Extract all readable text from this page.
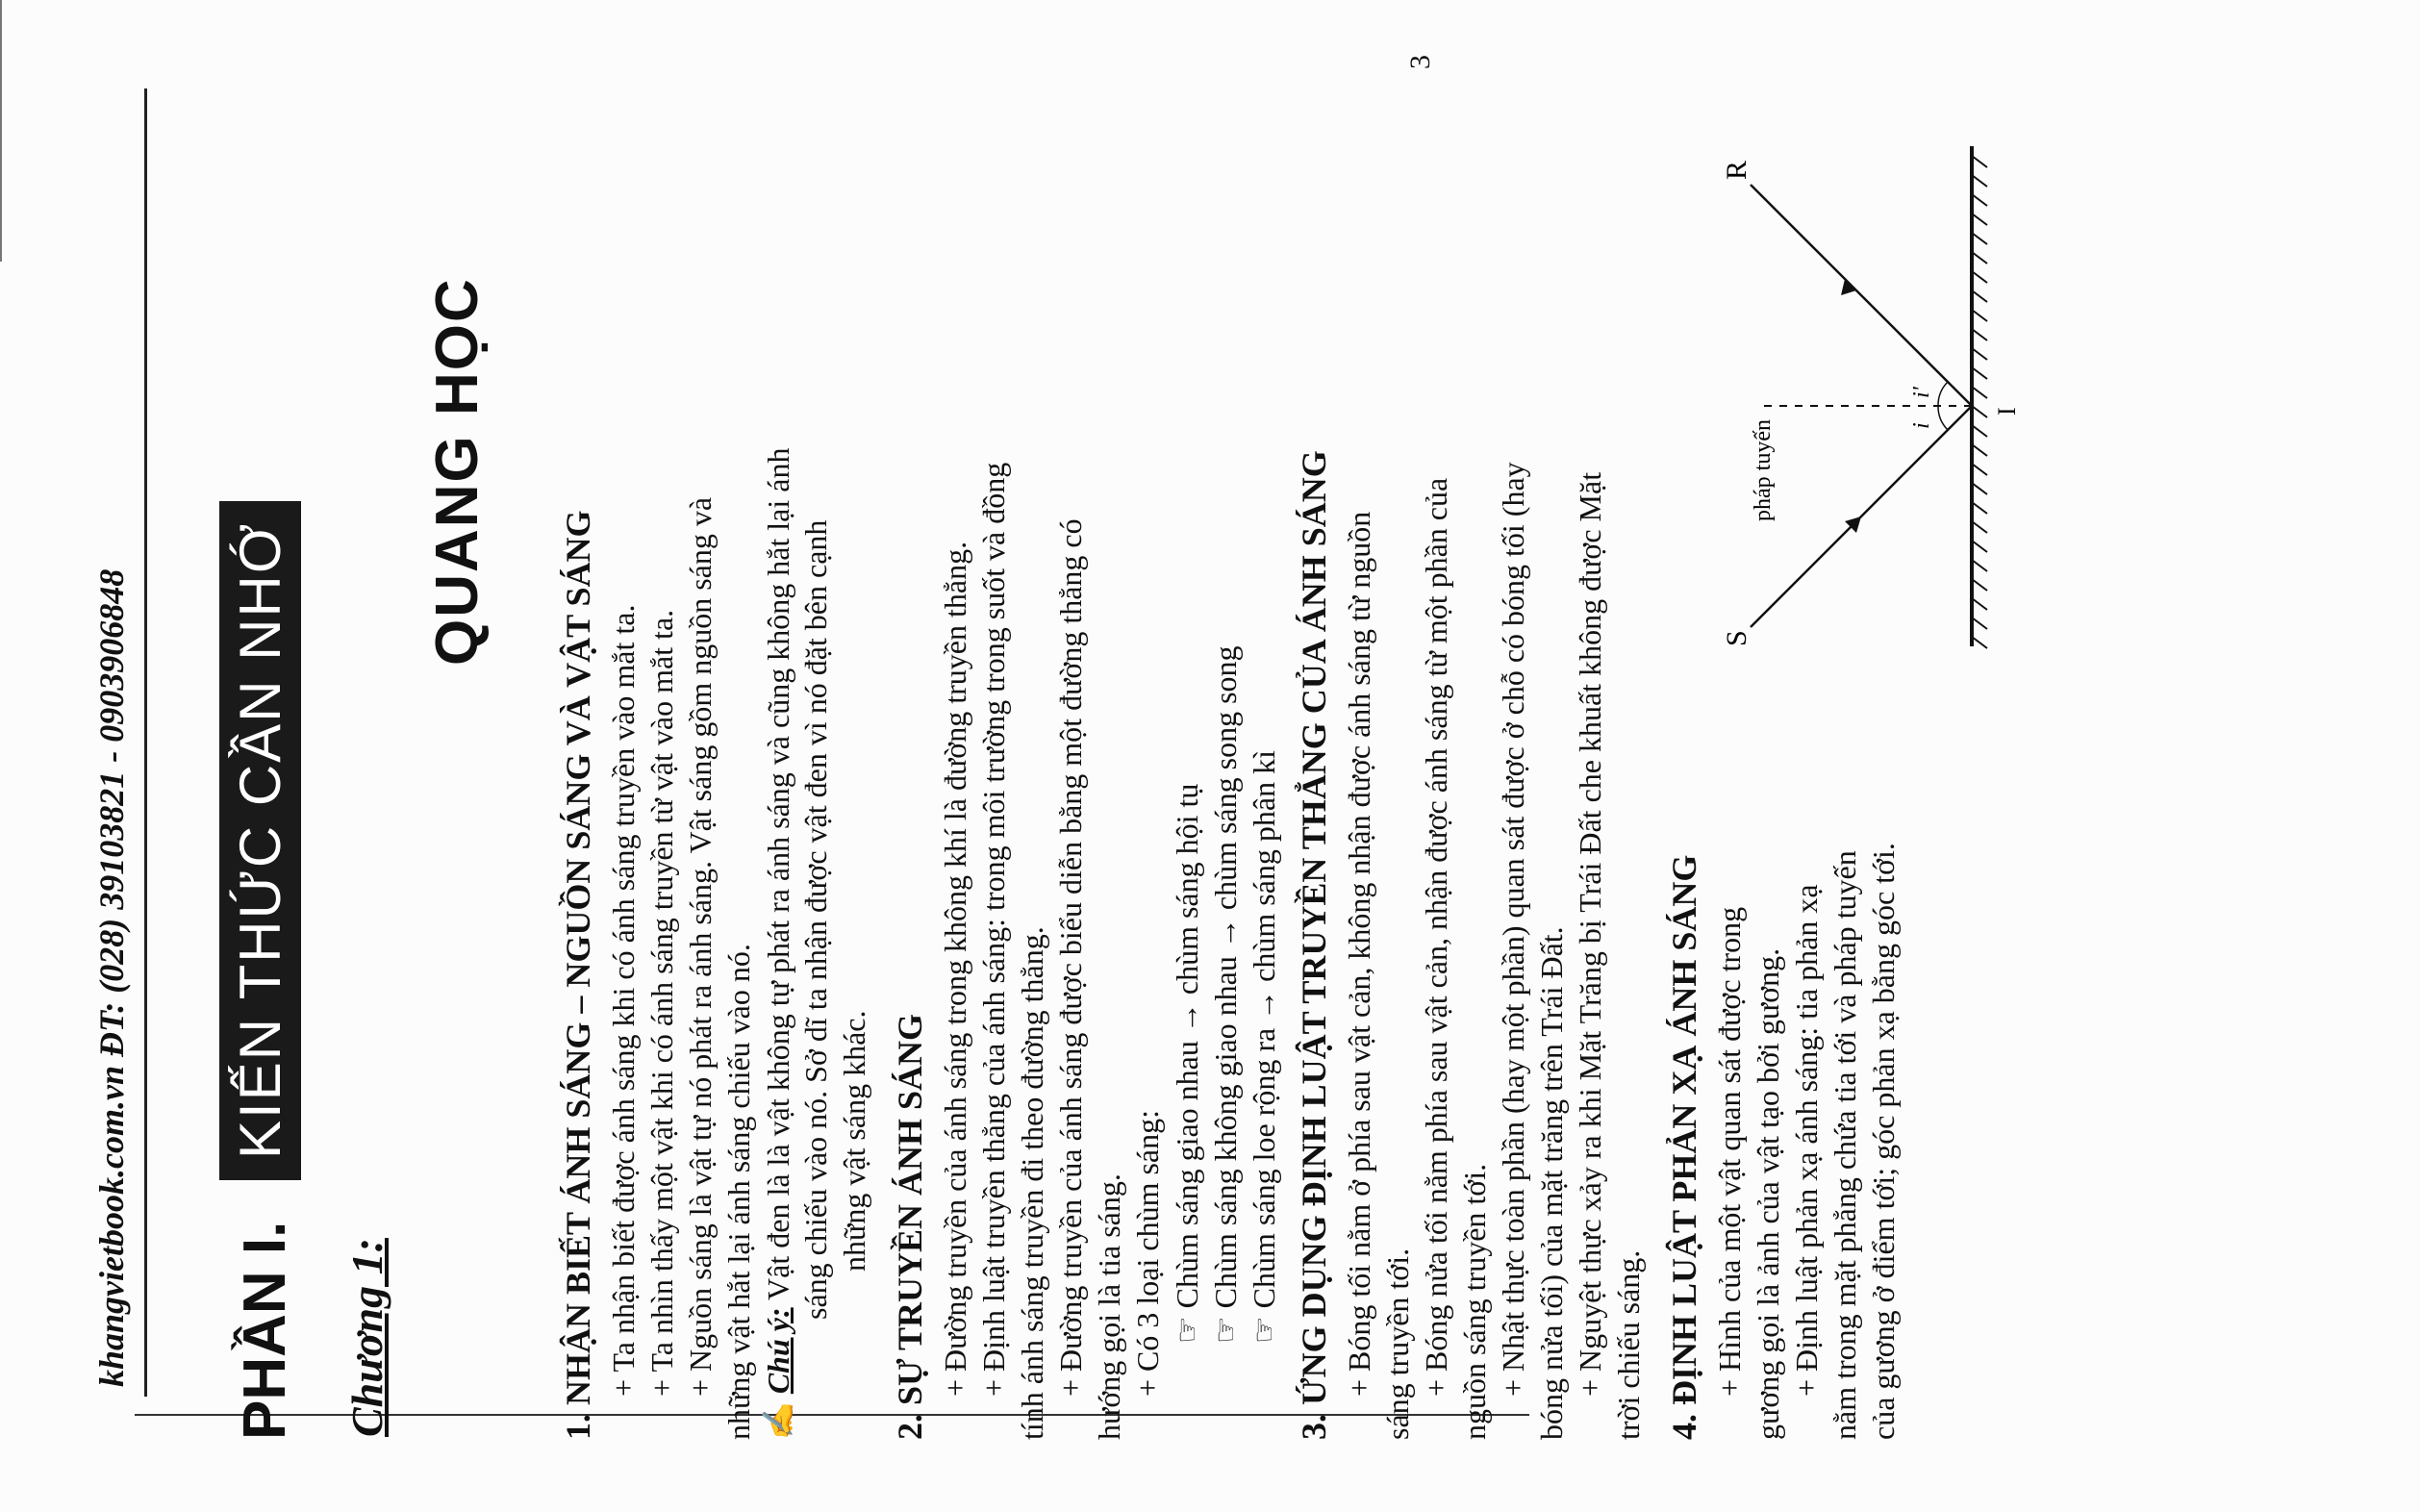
khangvietbook.com.vn ĐT: (028) 39103821 - 0903906848 PHẦN I.
KIẾN THỨC CẦN NHỚ
Chương 1:
QUANG HỌC
1. NHẬN BIẾT ÁNH SÁNG – NGUỒN SÁNG VÀ VẬT SÁNG + Ta nhận biết được ánh sáng khi có ánh sáng truyền vào mắt ta. + Ta nhìn thấy một vật khi có ánh sáng truyền từ vật vào mắt ta. + Nguồn sáng là vật tự nó phát ra ánh sáng. Vật sáng gồm nguồn sáng và những vật hắt lại ánh sáng chiếu vào nó. ✍ Chú ý: Vật đen là là vật không tự phát ra ánh sáng và cũng không hắt lại ánh sáng chiếu vào nó. Sở dĩ ta nhận được vật đen vì nó đặt bên cạnh những vật sáng khác. 2. SỰ TRUYỀN ÁNH SÁNG + Đường truyền của ánh sáng trong không khí là đường truyền thẳng. + Định luật truyền thẳng của ánh sáng: trong môi trường trong suốt và đồng tính ánh sáng truyền đi theo đường thẳng. + Đường truyền của ánh sáng được biểu diễn bằng một đường thẳng có hướng gọi là tia sáng. + Có 3 loại chùm sáng: ☞ Chùm sáng giao nhau → chùm sáng hội tụ ☞ Chùm sáng không giao nhau → chùm sáng song song ☞ Chùm sáng loe rộng ra → chùm sáng phân kì 3. ỨNG DỤNG ĐỊNH LUẬT TRUYỀN THẲNG CỦA ÁNH SÁNG + Bóng tối nằm ở phía sau vật cản, không nhận được ánh sáng từ nguồn sáng truyền tới. + Bóng nửa tối nằm phía sau vật cản, nhận được ánh sáng từ một phần của nguồn sáng truyền tới. + Nhật thực toàn phần (hay một phần) quan sát được ở chỗ có bóng tối (hay bóng nửa tối) của mặt trăng trên Trái Đất. + Nguyệt thực xảy ra khi Mặt Trăng bị Trái Đất che khuất không được Mặt trời chiếu sáng. 4. ĐỊNH LUẬT PHẢN XẠ ÁNH SÁNG + Hình của một vật quan sát được trong gương gọi là ảnh của vật tạo bởi gương. + Định luật phản xạ ánh sáng: tia phản xạ nằm trong mặt phẳng chứa tia tới và pháp tuyến của gương ở điểm tới; góc phản xạ bằng góc tới.
S
R
pháp tuyến	i
i'
I
3
